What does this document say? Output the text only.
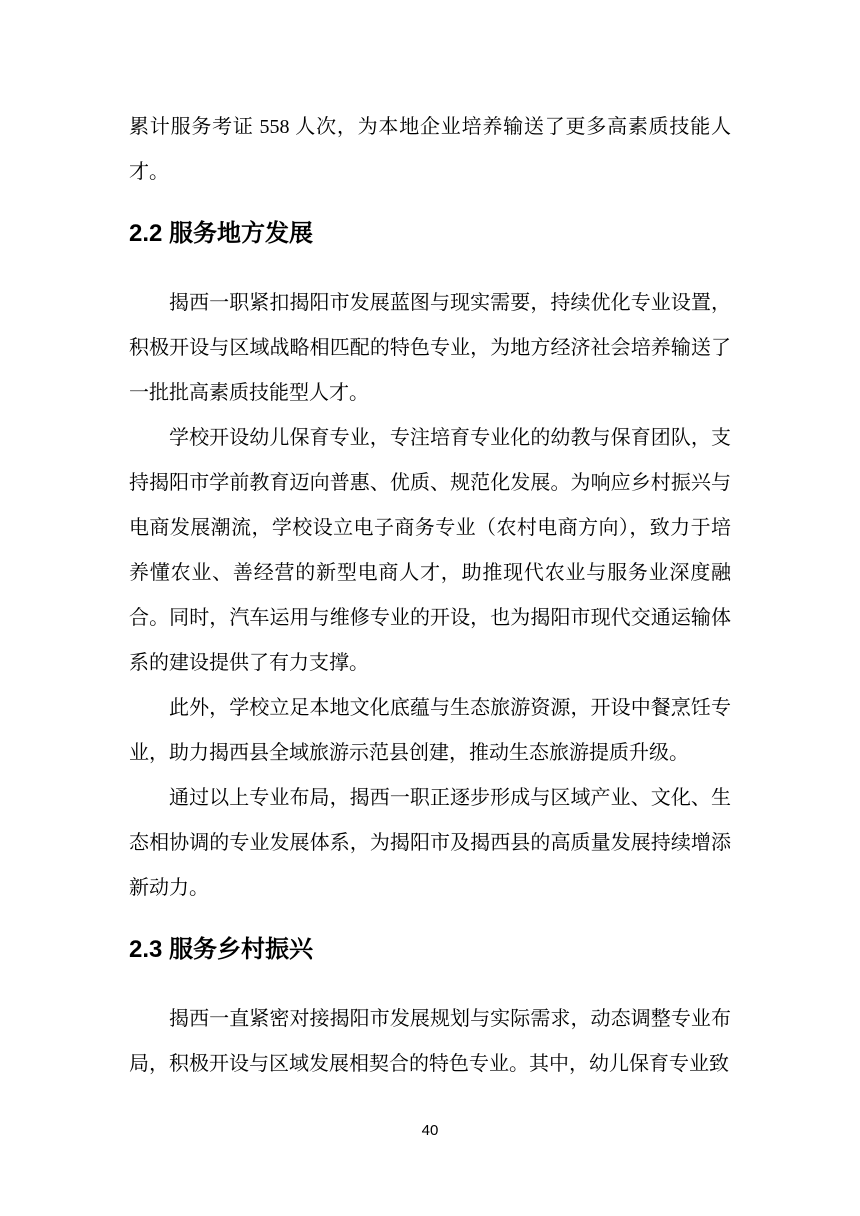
累计服务考证 558 人次，为本地企业培养输送了更多高素质技能人才。

2.2 服务地方发展

揭西一职紧扣揭阳市发展蓝图与现实需要，持续优化专业设置，积极开设与区域战略相匹配的特色专业，为地方经济社会培养输送了一批批高素质技能型人才。

学校开设幼儿保育专业，专注培育专业化的幼教与保育团队，支持揭阳市学前教育迈向普惠、优质、规范化发展。为响应乡村振兴与电商发展潮流，学校设立电子商务专业（农村电商方向），致力于培养懂农业、善经营的新型电商人才，助推现代农业与服务业深度融合。同时，汽车运用与维修专业的开设，也为揭阳市现代交通运输体系的建设提供了有力支撑。

此外，学校立足本地文化底蕴与生态旅游资源，开设中餐烹饪专业，助力揭西县全域旅游示范县创建，推动生态旅游提质升级。

通过以上专业布局，揭西一职正逐步形成与区域产业、文化、生态相协调的专业发展体系，为揭阳市及揭西县的高质量发展持续增添新动力。

2.3 服务乡村振兴

揭西一直紧密对接揭阳市发展规划与实际需求，动态调整专业布局，积极开设与区域发展相契合的特色专业。其中，幼儿保育专业致

40
